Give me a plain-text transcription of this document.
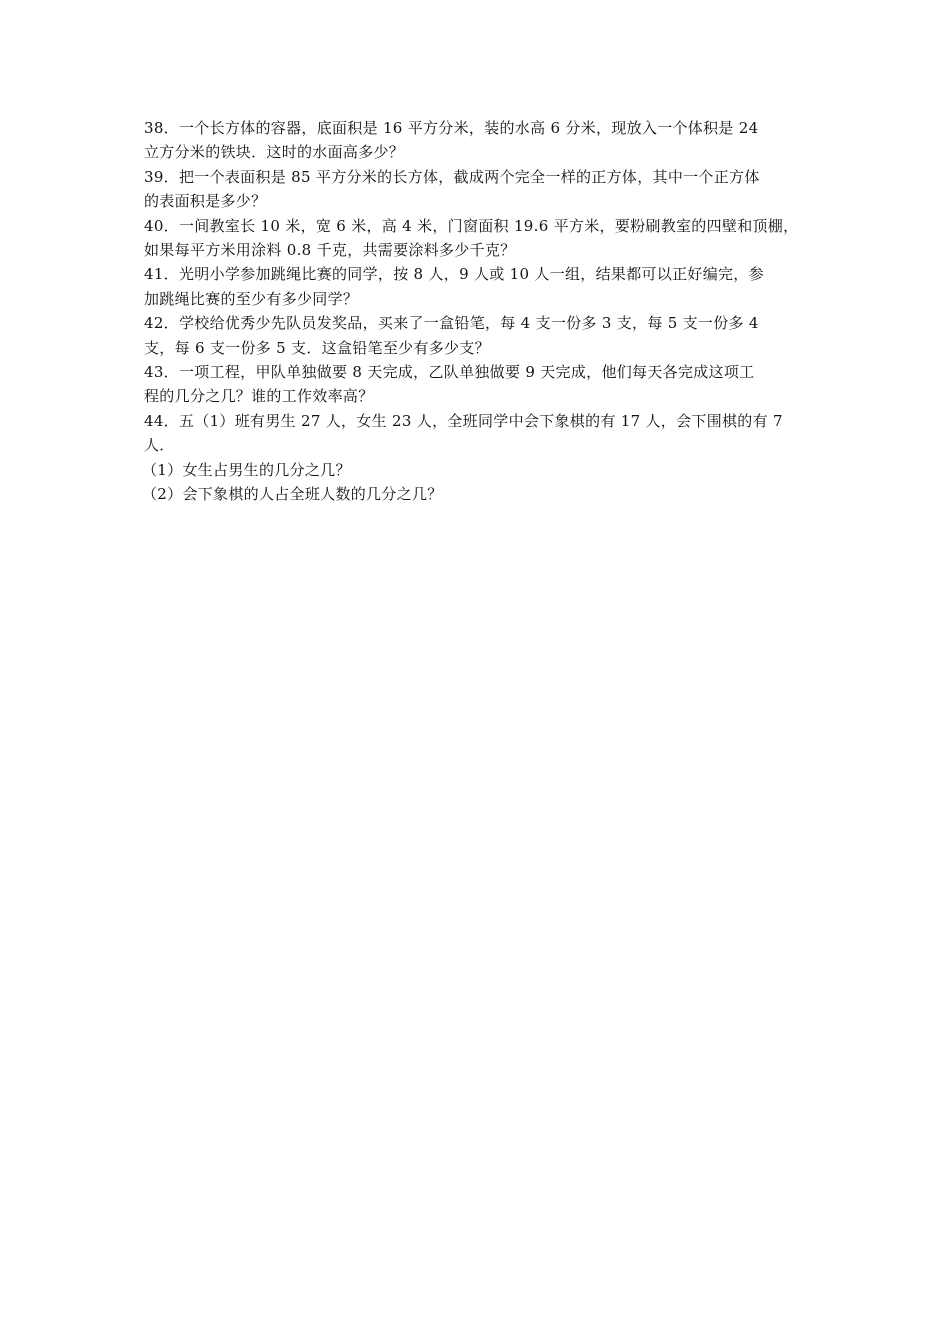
38．一个长方体的容器，底面积是 16 平方分米，装的水高 6 分米，现放入一个体积是 24
立方分米的铁块．这时的水面高多少？
39．把一个表面积是 85 平方分米的长方体，截成两个完全一样的正方体，其中一个正方体
的表面积是多少？
40．一间教室长 10 米，宽 6 米，高 4 米，门窗面积 19.6 平方米，要粉刷教室的四壁和顶棚，
如果每平方米用涂料 0.8 千克，共需要涂料多少千克？
41．光明小学参加跳绳比赛的同学，按 8 人，9 人或 10 人一组，结果都可以正好编完，参
加跳绳比赛的至少有多少同学？
42．学校给优秀少先队员发奖品，买来了一盒铅笔，每 4 支一份多 3 支，每 5 支一份多 4
支，每 6 支一份多 5 支．这盒铅笔至少有多少支？
43．一项工程，甲队单独做要 8 天完成，乙队单独做要 9 天完成，他们每天各完成这项工
程的几分之几？谁的工作效率高？
44．五（1）班有男生 27 人，女生 23 人，全班同学中会下象棋的有 17 人，会下围棋的有 7
人．
（1）女生占男生的几分之几？
（2）会下象棋的人占全班人数的几分之几？
